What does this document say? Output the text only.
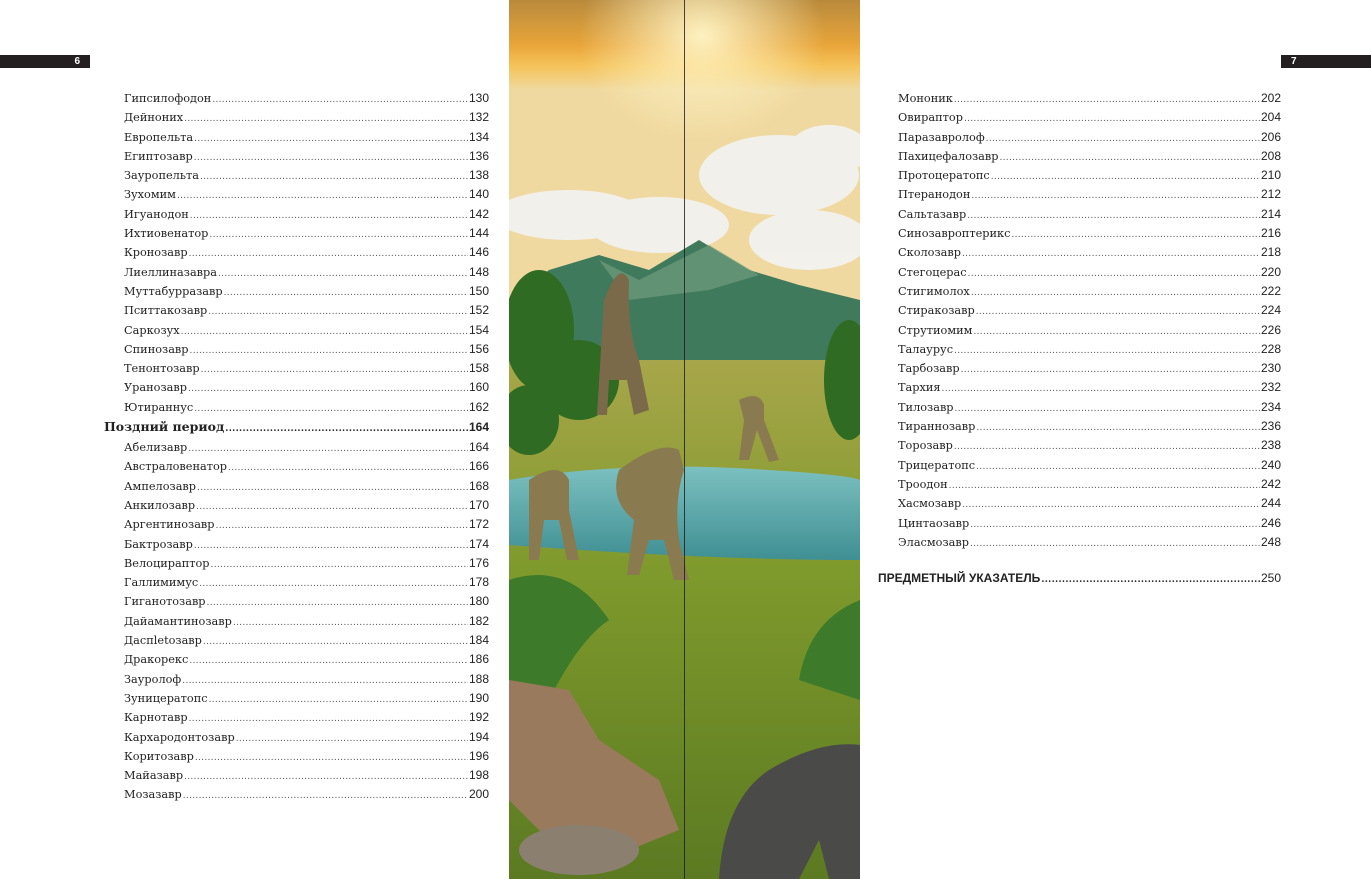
6
Гипсилофодон .....	130
Дейноних .....	132
Европельта .....	134
Египтозавр .....	136
Зауропельта .....	138
Зухомим .....	140
Игуанодон .....	142
Ихтиовенатор .....	144
Кронозавр .....	146
Лиеллиназавра .....	148
Муттабурразавр .....	150
Пситтакозавр .....	152
Саркозух .....	154
Спинозавр .....	156
Тенонтозавр .....	158
Уранозавр .....	160
Ютираннус .....	162
Поздний период .....	164
Абелизавр .....	164
Австраловенатор .....	166
Ампелозавр .....	168
Анкилозавр .....	170
Аргентинозавр .....	172
Бактрозавр .....	174
Велоцираптор .....	176
Галлимимус .....	178
Гиганотозавр .....	180
Дайамантинозавр .....	182
Даспletозавр .....	184
Дракорекс .....	186
Зауролоф .....	188
Зуницератопс .....	190
Карнотавр .....	192
Кархародонтозавр .....	194
Коритозавр .....	196
Майазавр .....	198
Мозазавр .....	200
7
Мононик .....	202
Овираптор .....	204
Паразавролоф .....	206
Пахицефалозавр .....	208
Протоцератопс .....	210
Птеранодон .....	212
Сальтазавр .....	214
Синозавроптерикс .....	216
Сколозавр .....	218
Стегоцерас .....	220
Стигимолох .....	222
Стиракозавр .....	224
Струтиомим .....	226
Талаурус .....	228
Тарбозавр .....	230
Тархия .....	232
Тилозавр .....	234
Тираннозавр .....	236
Торозавр .....	238
Трицератопс .....	240
Троодон .....	242
Хасмозавр .....	244
Цинтаозавр .....	246
Эласмозавр .....	248
ПРЕДМЕТНЫЙ УКАЗАТЕЛЬ .....	250
